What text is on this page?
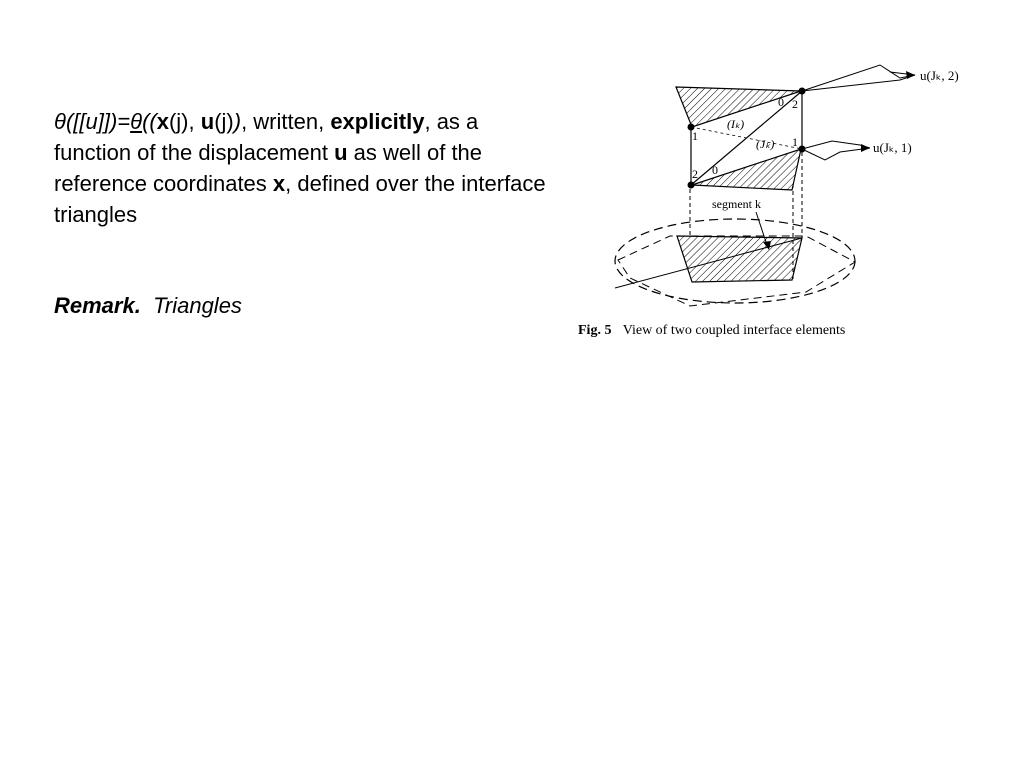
θ([[u]])=θ((x(j), u(j)), written, explicitly, as a function of the displacement u as well of the reference coordinates x, defined over the interface triangles

Remark. Triangles
u(Jₖ, 2)
u(Jₖ, 1)
(Iₖ)
(Jₖ)
segment k
0 2
1	1
2 0
Fig. 5 View of two coupled interface elements
